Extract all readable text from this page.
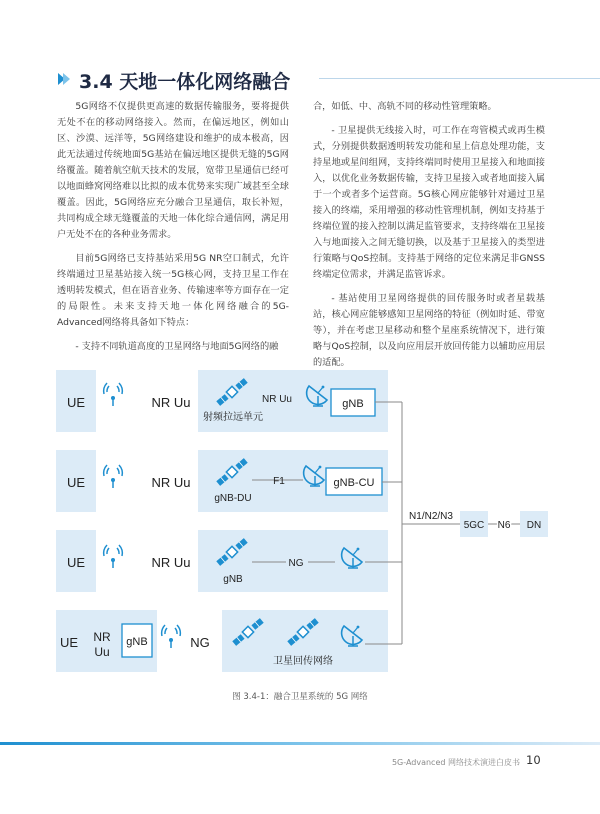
3.4 天地一体化网络融合

5G网络不仅提供更高速的数据传输服务，要将提供无处不在的移动网络接入。然而，在偏远地区，例如山区、沙漠、远洋等，5G网络建设和维护的成本极高，因此无法通过传统地面5G基站在偏远地区提供无缝的5G网络覆盖。随着航空航天技术的发展，宽带卫星通信已经可以地面蜂窝网络难以比拟的成本优势来实现广域甚至全球覆盖。因此，5G网络应充分融合卫星通信，取长补短，共同构成全球无缝覆盖的天地一体化综合通信网，满足用户无处不在的各种业务需求。

目前5G网络已支持基站采用5G NR空口制式，允许终端通过卫星基站接入统一5G核心网，支持卫星工作在透明转发模式，但在语音业务、传输速率等方面存在一定的局限性。未来支持天地一体化网络融合的5G-Advanced网络将具备如下特点：

- 支持不同轨道高度的卫星网络与地面5G网络的融

合，如低、中、高轨不同的移动性管理策略。

- 卫星提供无线接入时，可工作在弯管模式或再生模式，分别提供数据透明转发功能和星上信息处理功能，支持星地或星间组网，支持终端同时使用卫星接入和地面接入，以优化业务数据传输，支持卫星接入或者地面接入属于一个或者多个运营商。5G核心网应能够针对通过卫星接入的终端，采用增强的移动性管理机制，例如支持基于终端位置的接入控制以满足监管要求，支持终端在卫星接入与地面接入之间无缝切换，以及基于卫星接入的类型进行策略与QoS控制。支持基于网络的定位来满足非GNSS终端定位需求，并满足监管诉求。

- 基站使用卫星网络提供的回传服务时或者星载基站，核心网应能够感知卫星网络的特征（例如时延、带宽等），并在考虑卫星移动和整个星座系统情况下，进行策略与QoS控制，以及向应用层开放回传能力以辅助应用层的适配。

UE	NR Uu
射频拉远单元
NR Uu	gNB
UE	NR Uu
gNB-DU
F1	gNB-CU
UE	NR Uu
gNB
NG
UE NR
Uu
gNB	NG
卫星回传网络
N1/N2/N3
5GC N6 DN
图 3.4-1：融合卫星系统的 5G 网络
5G-Advanced 网络技术演进白皮书 10
